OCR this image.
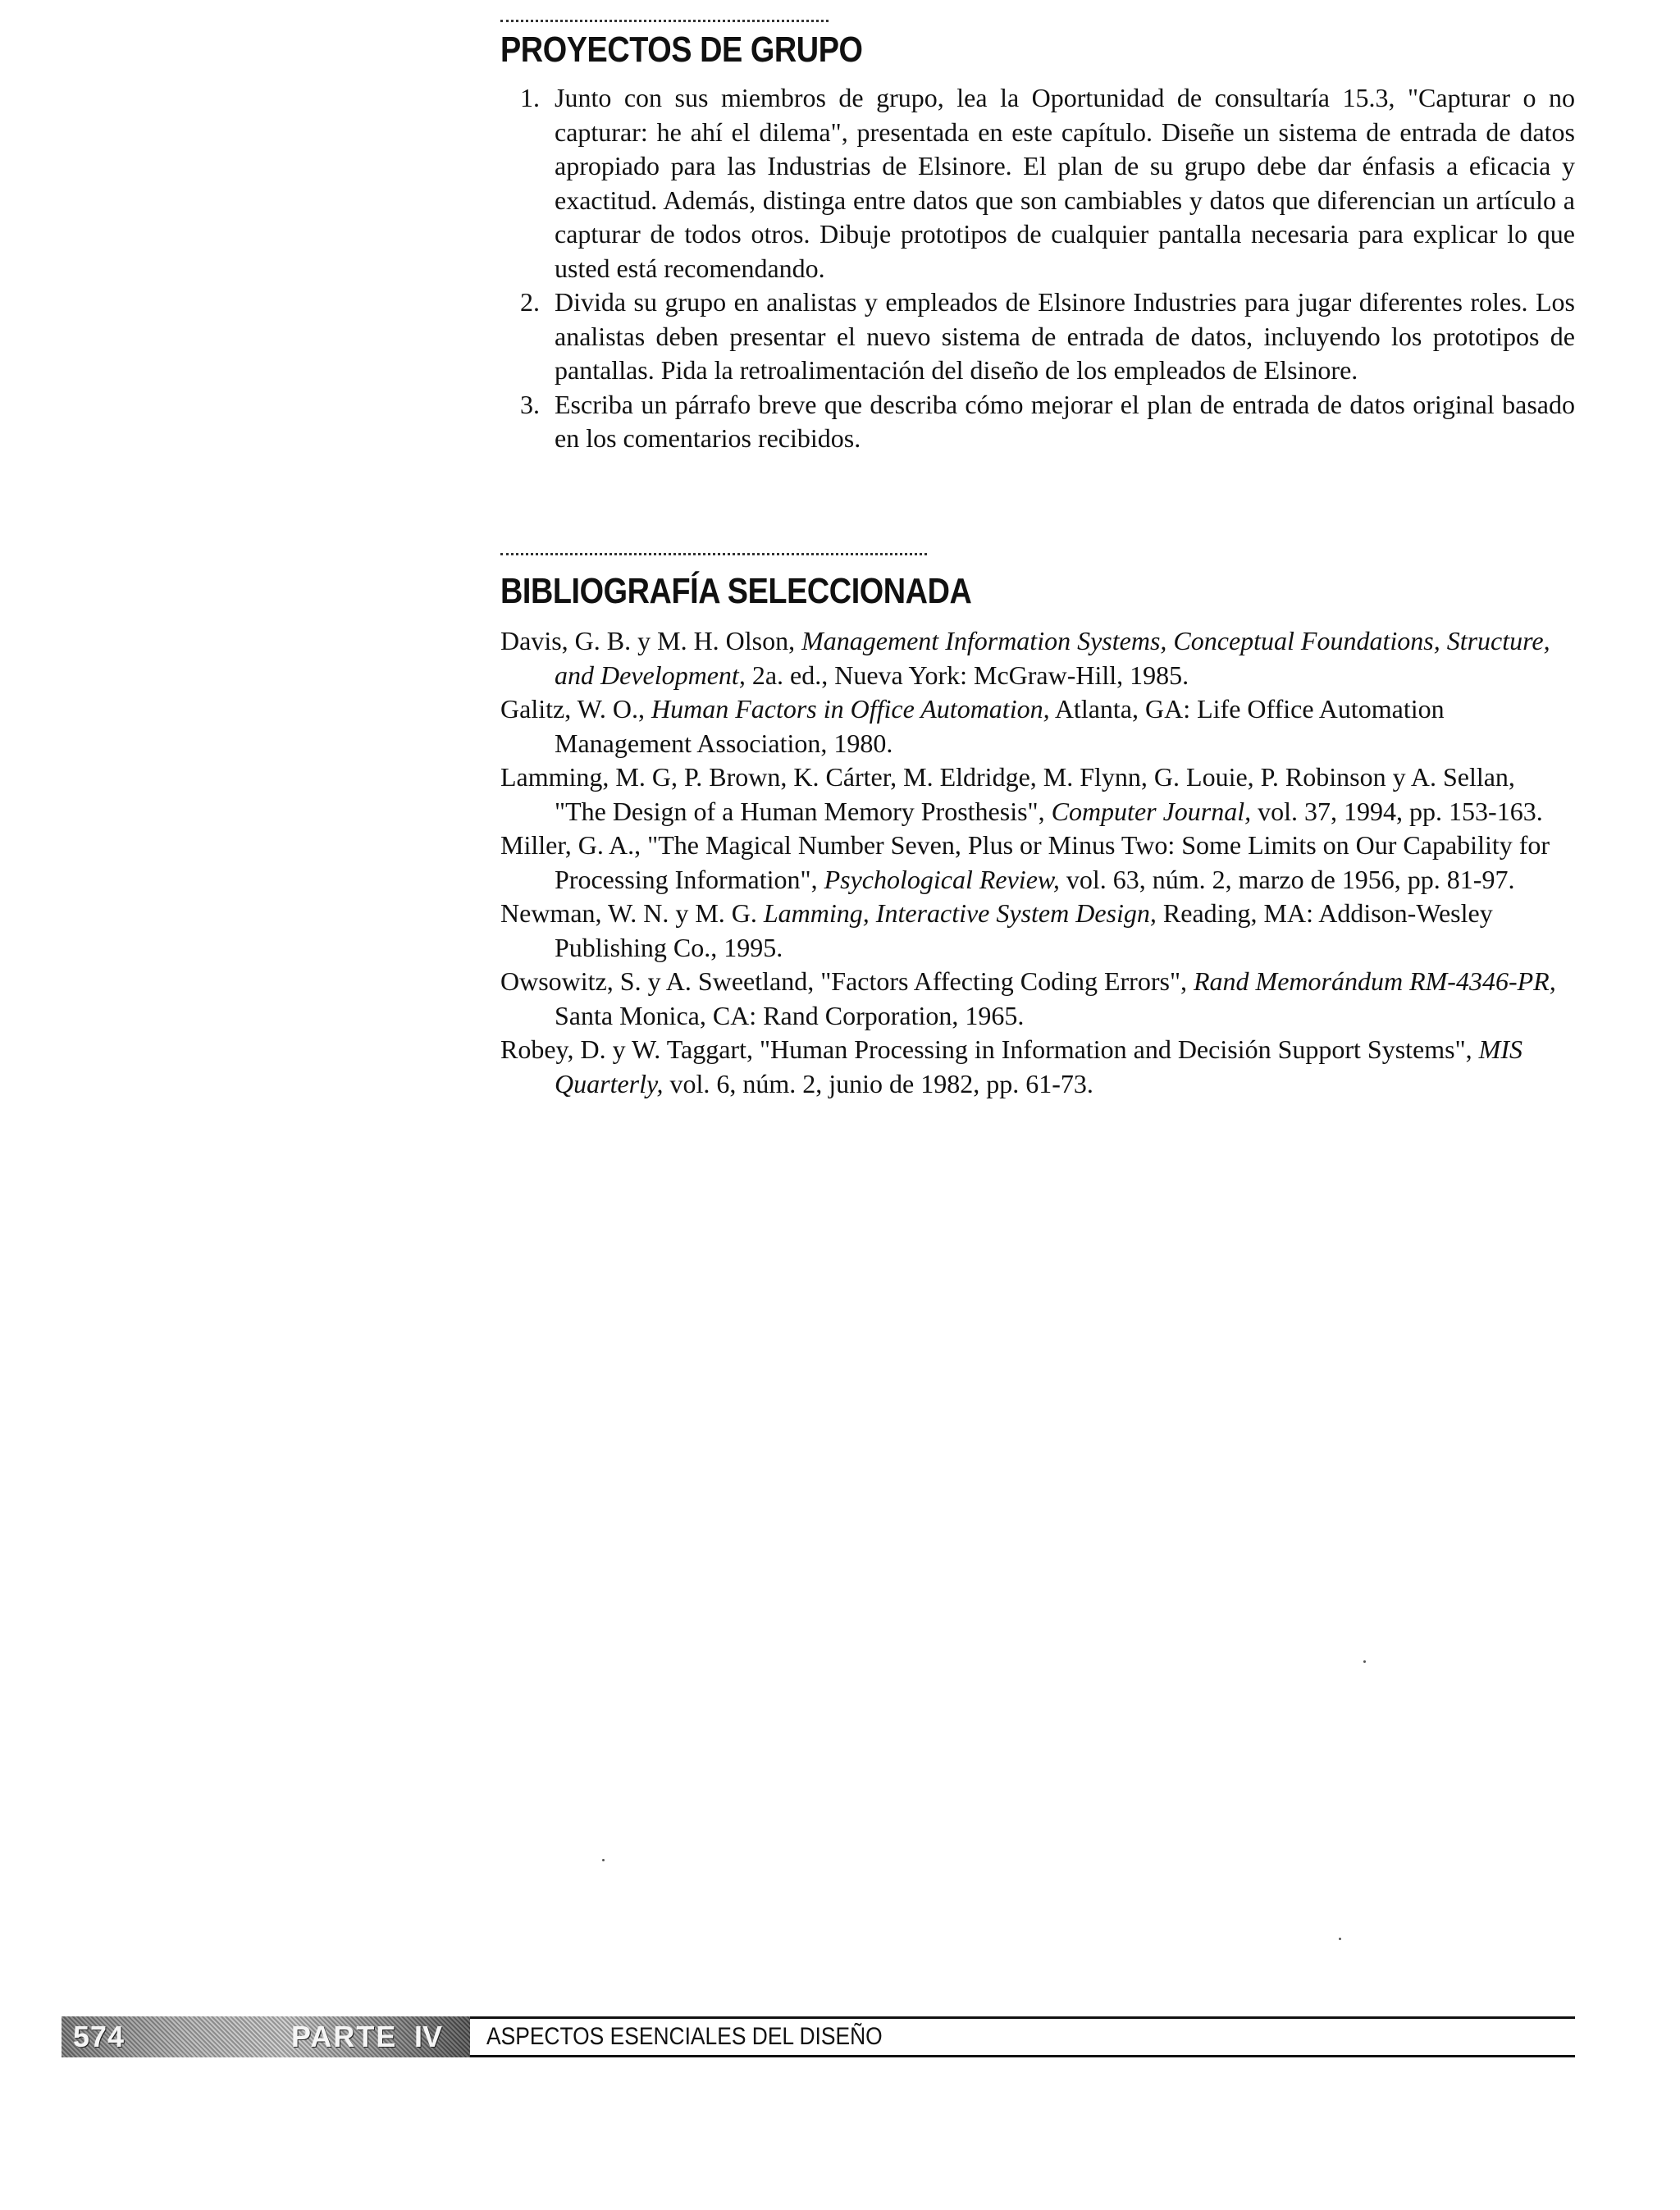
PROYECTOS DE GRUPO
1. Junto con sus miembros de grupo, lea la Oportunidad de consultaría 15.3, "Capturar o no capturar: he ahí el dilema", presentada en este capítulo. Diseñe un sistema de entrada de datos apropiado para las Industrias de Elsinore. El plan de su grupo debe dar énfasis a eficacia y exactitud. Además, distinga entre datos que son cambiables y datos que diferencian un artículo a capturar de todos otros. Dibuje prototipos de cualquier pantalla necesaria para explicar lo que usted está recomendando.
2. Divida su grupo en analistas y empleados de Elsinore Industries para jugar diferentes roles. Los analistas deben presentar el nuevo sistema de entrada de datos, incluyendo los prototipos de pantallas. Pida la retroalimentación del diseño de los empleados de Elsinore.
3. Escriba un párrafo breve que describa cómo mejorar el plan de entrada de datos original basado en los comentarios recibidos.
BIBLIOGRAFÍA SELECCIONADA
Davis, G. B. y M. H. Olson, Management Information Systems, Conceptual Foundations, Structure, and Development, 2a. ed., Nueva York: McGraw-Hill, 1985.
Galitz, W. O., Human Factors in Office Automation, Atlanta, GA: Life Office Automation Management Association, 1980.
Lamming, M. G, P. Brown, K. Cárter, M. Eldridge, M. Flynn, G. Louie, P. Robinson y A. Sellan, "The Design of a Human Memory Prosthesis", Computer Journal, vol. 37, 1994, pp. 153-163.
Miller, G. A., "The Magical Number Seven, Plus or Minus Two: Some Limits on Our Capability for Processing Information", Psychological Review, vol. 63, núm. 2, marzo de 1956, pp. 81-97.
Newman, W. N. y M. G. Lamming, Interactive System Design, Reading, MA: Addison-Wesley Publishing Co., 1995.
Owsowitz, S. y A. Sweetland, "Factors Affecting Coding Errors", Rand Memorándum RM-4346-PR, Santa Monica, CA: Rand Corporation, 1965.
Robey, D. y W. Taggart, "Human Processing in Information and Decisión Support Systems", MIS Quarterly, vol. 6, núm. 2, junio de 1982, pp. 61-73.
574	PARTE IV ASPECTOS ESENCIALES DEL DISEÑO
